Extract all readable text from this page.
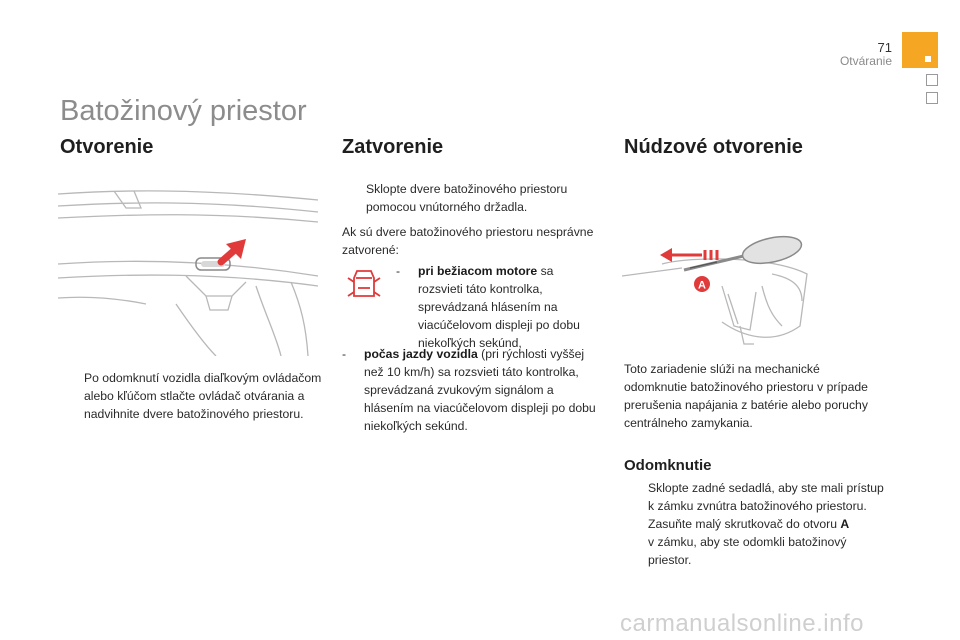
71
Otváranie
Batožinový priestor
Otvorenie
Po odomknutí vozidla diaľkovým ovládačom alebo kľúčom stlačte ovládač otvárania a nadvihnite dvere batožinového priestoru.
Zatvorenie
Sklopte dvere batožinového priestoru pomocou vnútorného držadla.
Ak sú dvere batožinového priestoru nesprávne zatvorené:
- pri bežiacom motore sa rozsvieti táto kontrolka, sprevádzaná hlásením na viacúčelovom displeji po dobu niekoľkých sekúnd,
- počas jazdy vozidla (pri rýchlosti vyššej než 10 km/h) sa rozsvieti táto kontrolka, sprevádzaná zvukovým signálom a hlásením na viacúčelovom displeji po dobu niekoľkých sekúnd.
Núdzové otvorenie
A
Toto zariadenie slúži na mechanické odomknutie batožinového priestoru v prípade prerušenia napájania z batérie alebo poruchy centrálneho zamykania.
Odomknutie
Sklopte zadné sedadlá, aby ste mali prístup k zámku zvnútra batožinového priestoru.
Zasuňte malý skrutkovač do otvoru A
v zámku, aby ste odomkli batožinový priestor.
carmanualsonline.info
